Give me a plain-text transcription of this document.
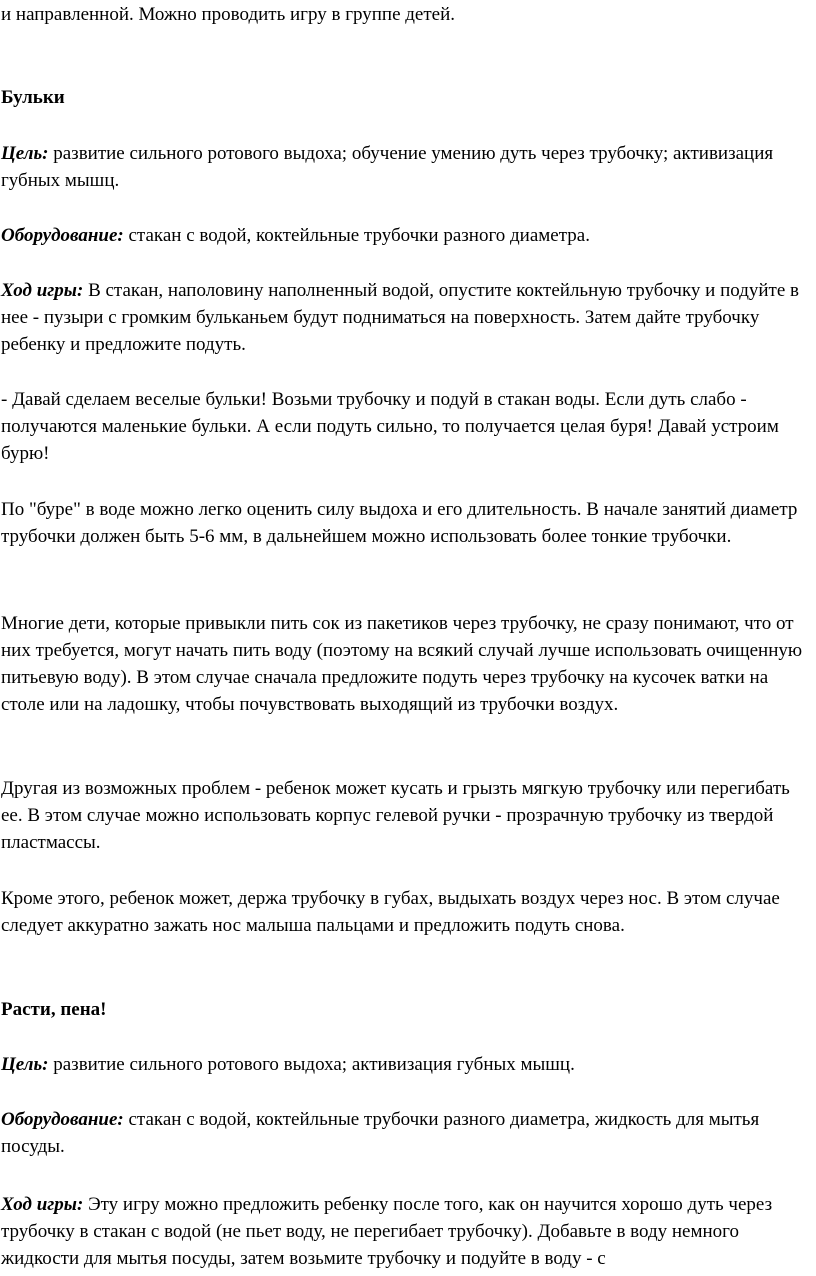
и направленной. Можно проводить игру в группе детей.

Бульки

Цель: развитие сильного ротового выдоха; обучение умению дуть через трубочку; активизация губных мышц.

Оборудование: стакан с водой, коктейльные трубочки разного диаметра.

Ход игры: В стакан, наполовину наполненный водой, опустите коктейльную трубочку и подуйте в нее - пузыри с громким бульканьем будут подниматься на поверхность. Затем дайте трубочку ребенку и предложите подуть.

- Давай сделаем веселые бульки! Возьми трубочку и подуй в стакан воды. Если дуть слабо - получаются маленькие бульки. А если подуть сильно, то получается целая буря! Давай устроим бурю!

По "буре" в воде можно легко оценить силу выдоха и его длительность. В начале занятий диаметр трубочки должен быть 5-6 мм, в дальнейшем можно использовать более тонкие трубочки.

Многие дети, которые привыкли пить сок из пакетиков через трубочку, не сразу понимают, что от них требуется, могут начать пить воду (поэтому на всякий случай лучше использовать очищенную питьевую воду). В этом случае сначала предложите подуть через трубочку на кусочек ватки на столе или на ладошку, чтобы почувствовать выходящий из трубочки воздух.

Другая из возможных проблем - ребенок может кусать и грызть мягкую трубочку или перегибать ее. В этом случае можно использовать корпус гелевой ручки - прозрачную трубочку из твердой пластмассы.

Кроме этого, ребенок может, держа трубочку в губах, выдыхать воздух через нос. В этом случае следует аккуратно зажать нос малыша пальцами и предложить подуть снова.

Расти, пена!

Цель: развитие сильного ротового выдоха; активизация губных мышц.

Оборудование: стакан с водой, коктейльные трубочки разного диаметра, жидкость для мытья посуды.

Ход игры: Эту игру можно предложить ребенку после того, как он научится хорошо дуть через трубочку в стакан с водой (не пьет воду, не перегибает трубочку). Добавьте в воду немного жидкости для мытья посуды, затем возьмите трубочку и подуйте в воду - с
